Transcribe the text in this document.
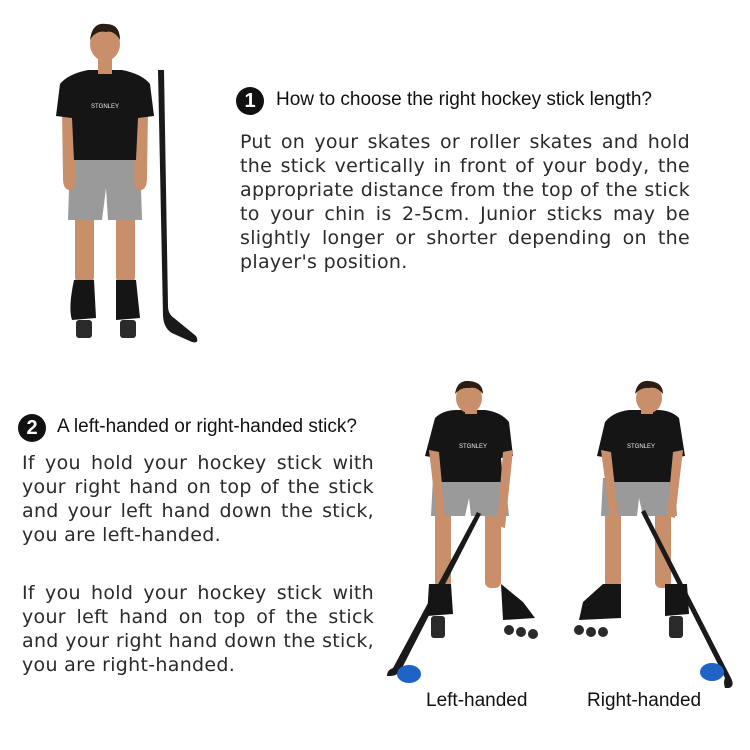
STGNLEY	1	How to choose the right hockey stick length?
Put on your skates or roller skates and hold the stick vertically in front of your body, the appropriate distance from the top of the stick to your chin is 2-5cm. Junior sticks may be slightly longer or shorter depending on the player's position.
2	A left-handed or right-handed stick?
If you hold your hockey stick with your right hand on top of the stick and your left hand down the stick, you are left-handed.
If you hold your hockey stick with your left hand on top of the stick and your right hand down the stick, you are right-handed.
STGNLEY	STGNLEY
Left-handed	Right-handed
